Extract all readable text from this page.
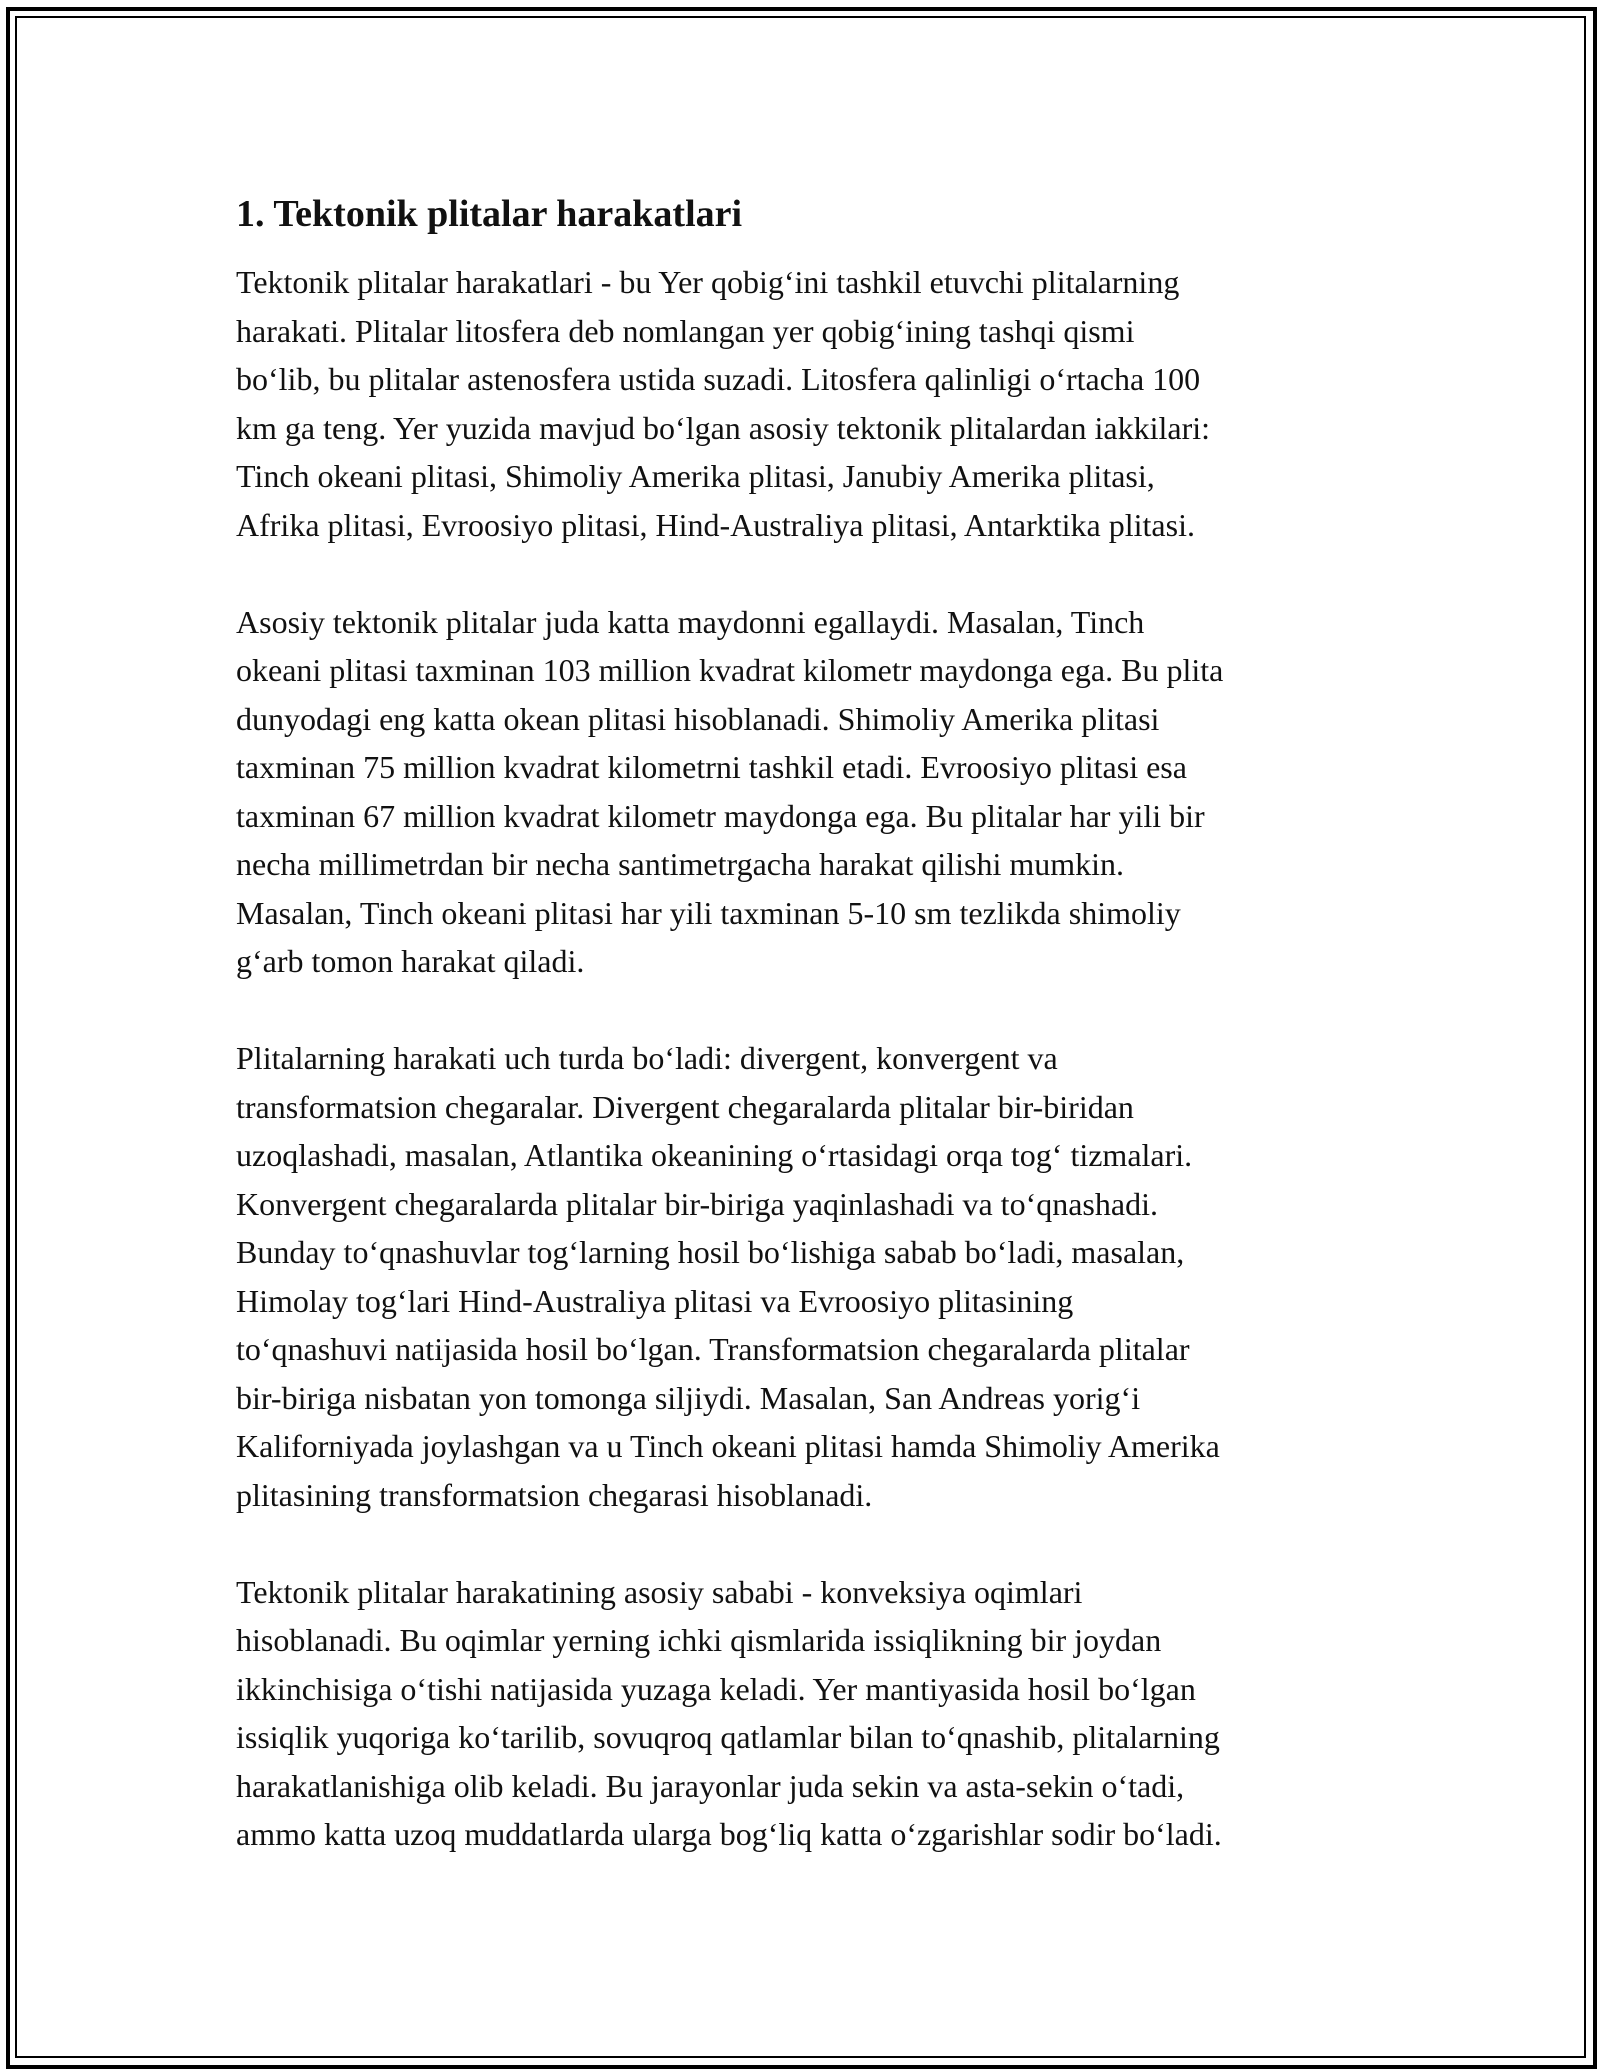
1. Tektonik plitalar harakatlari

Tektonik plitalar harakatlari - bu Yer qobig‘ini tashkil etuvchi plitalarning
harakati. Plitalar litosfera deb nomlangan yer qobig‘ining tashqi qismi
bo‘lib, bu plitalar astenosfera ustida suzadi. Litosfera qalinligi o‘rtacha 100
km ga teng. Yer yuzida mavjud bo‘lgan asosiy tektonik plitalardan iakkilari:
Tinch okeani plitasi, Shimoliy Amerika plitasi, Janubiy Amerika plitasi,
Afrika plitasi, Evroosiyo plitasi, Hind-Australiya plitasi, Antarktika plitasi.

Asosiy tektonik plitalar juda katta maydonni egallaydi. Masalan, Tinch
okeani plitasi taxminan 103 million kvadrat kilometr maydonga ega. Bu plita
dunyodagi eng katta okean plitasi hisoblanadi. Shimoliy Amerika plitasi
taxminan 75 million kvadrat kilometrni tashkil etadi. Evroosiyo plitasi esa
taxminan 67 million kvadrat kilometr maydonga ega. Bu plitalar har yili bir
necha millimetrdan bir necha santimetrgacha harakat qilishi mumkin.
Masalan, Tinch okeani plitasi har yili taxminan 5-10 sm tezlikda shimoliy
g‘arb tomon harakat qiladi.

Plitalarning harakati uch turda bo‘ladi: divergent, konvergent va
transformatsion chegaralar. Divergent chegaralarda plitalar bir-biridan
uzoqlashadi, masalan, Atlantika okeanining o‘rtasidagi orqa tog‘ tizmalari.
Konvergent chegaralarda plitalar bir-biriga yaqinlashadi va to‘qnashadi.
Bunday to‘qnashuvlar tog‘larning hosil bo‘lishiga sabab bo‘ladi, masalan,
Himolay tog‘lari Hind-Australiya plitasi va Evroosiyo plitasining
to‘qnashuvi natijasida hosil bo‘lgan. Transformatsion chegaralarda plitalar
bir-biriga nisbatan yon tomonga siljiydi. Masalan, San Andreas yorig‘i
Kaliforniyada joylashgan va u Tinch okeani plitasi hamda Shimoliy Amerika
plitasining transformatsion chegarasi hisoblanadi.

Tektonik plitalar harakatining asosiy sababi - konveksiya oqimlari
hisoblanadi. Bu oqimlar yerning ichki qismlarida issiqlikning bir joydan
ikkinchisiga o‘tishi natijasida yuzaga keladi. Yer mantiyasida hosil bo‘lgan
issiqlik yuqoriga ko‘tarilib, sovuqroq qatlamlar bilan to‘qnashib, plitalarning
harakatlanishiga olib keladi. Bu jarayonlar juda sekin va asta-sekin o‘tadi,
ammo katta uzoq muddatlarda ularga bog‘liq katta o‘zgarishlar sodir bo‘ladi.
